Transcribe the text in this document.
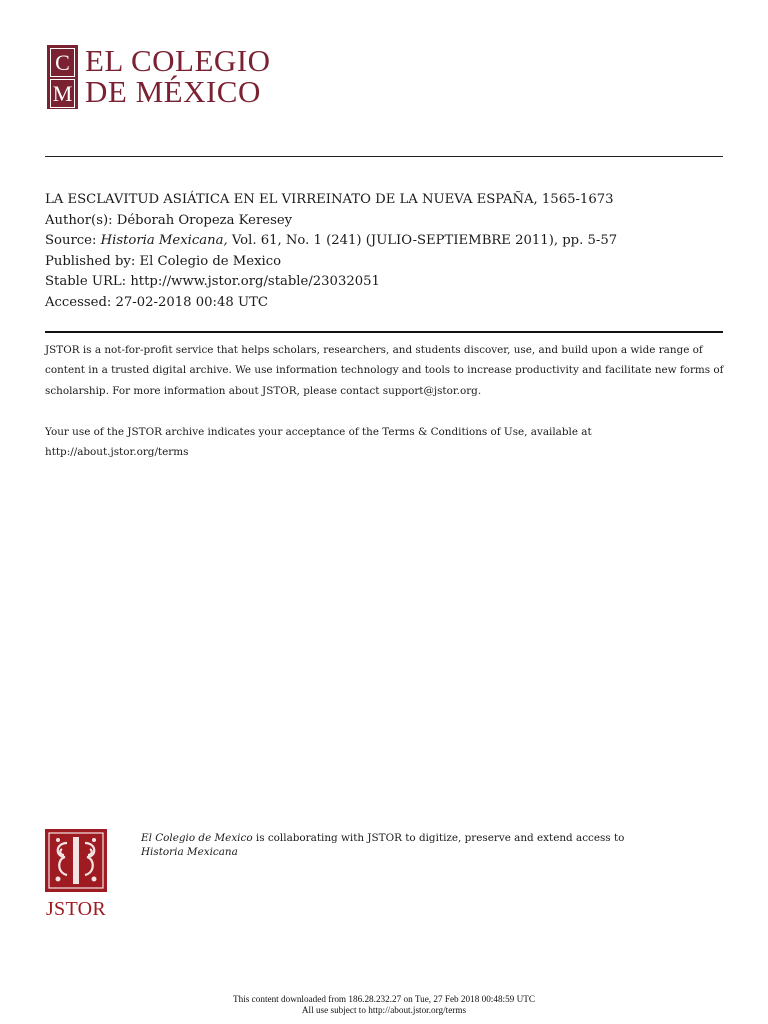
C
M
EL COLEGIO
DE MÉXICO
LA ESCLAVITUD ASIÁTICA EN EL VIRREINATO DE LA NUEVA ESPAÑA, 1565-1673
Author(s): Déborah Oropeza Keresey
Source: Historia Mexicana, Vol. 61, No. 1 (241) (JULIO-SEPTIEMBRE 2011), pp. 5-57
Published by: El Colegio de Mexico
Stable URL: http://www.jstor.org/stable/23032051
Accessed: 27-02-2018 00:48 UTC

JSTOR is a not-for-profit service that helps scholars, researchers, and students discover, use, and build upon a wide range of content in a trusted digital archive. We use information technology and tools to increase productivity and facilitate new forms of scholarship. For more information about JSTOR, please contact support@jstor.org.

Your use of the JSTOR archive indicates your acceptance of the Terms & Conditions of Use, available at http://about.jstor.org/terms

JSTOR
El Colegio de Mexico is collaborating with JSTOR to digitize, preserve and extend access to
Historia Mexicana
This content downloaded from 186.28.232.27 on Tue, 27 Feb 2018 00:48:59 UTC
All use subject to http://about.jstor.org/terms
